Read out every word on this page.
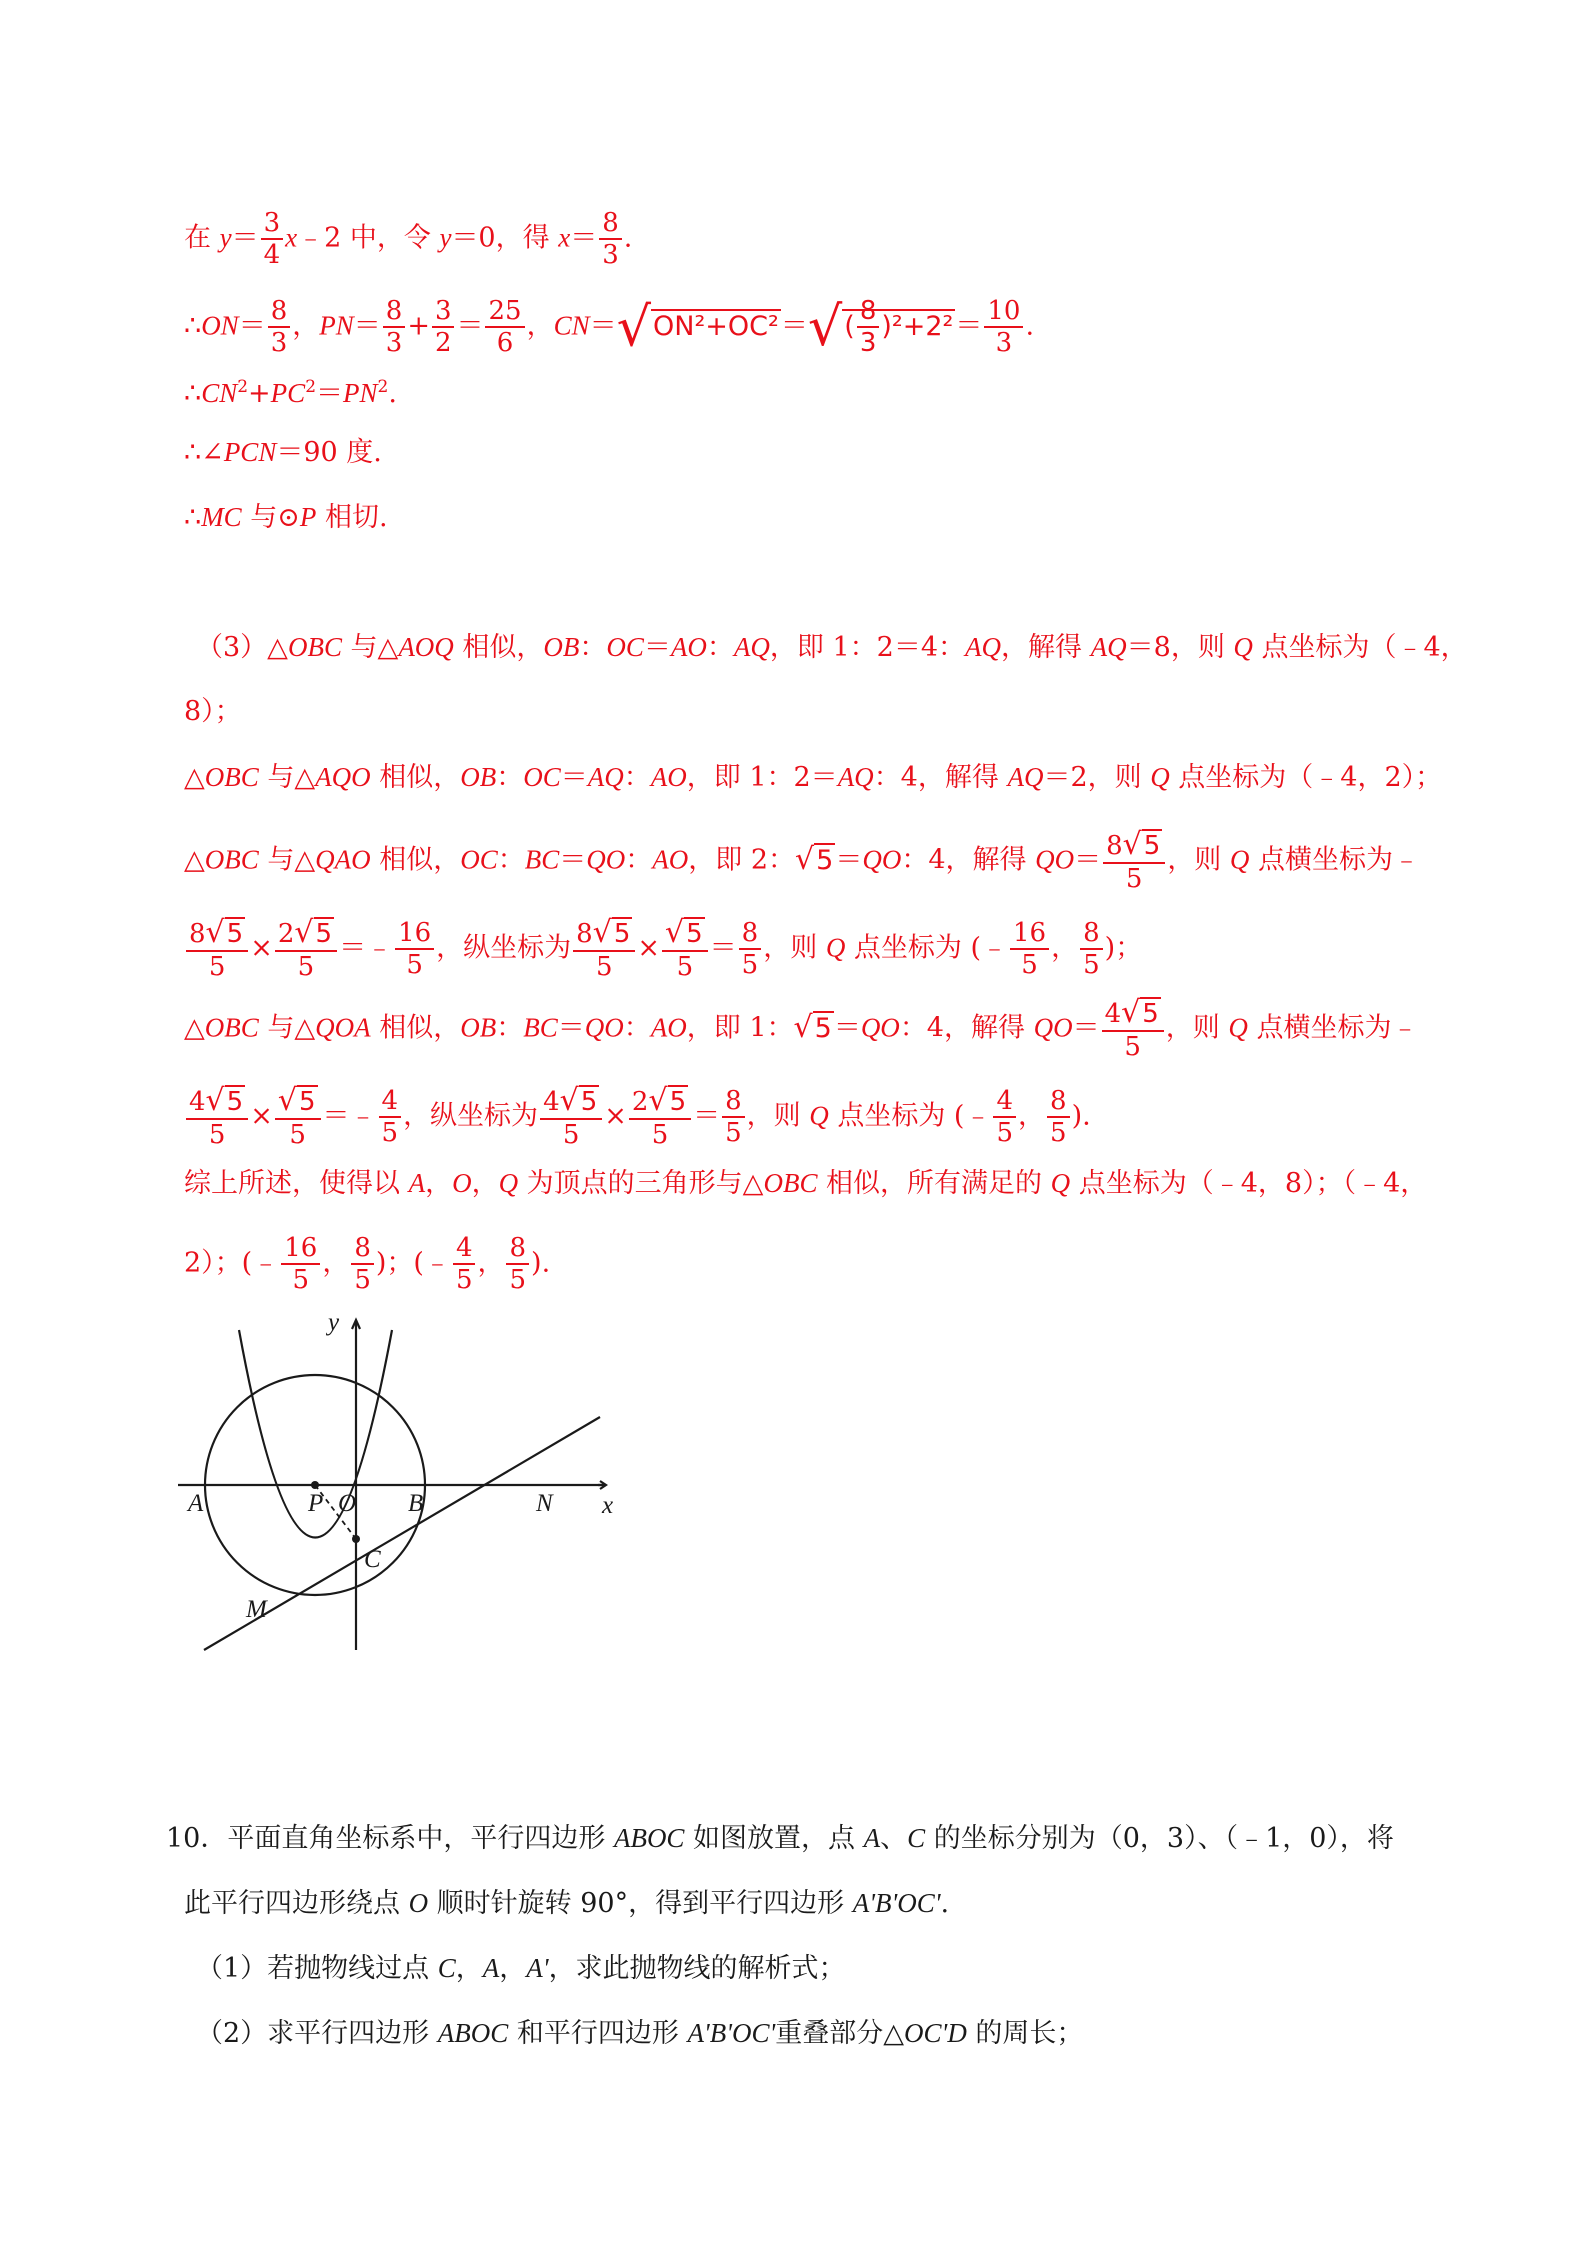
在 $y= \frac{3}{4}$ x﹣2 中，令 y＝0，得 $x= \frac{8}{3}$ .
∴ON＝ $\frac{8}{3}$ ，$PN= \frac{8}{3} + \frac{3}{2} = \frac{25}{6}$ ，$CN=√ON^2+OC^2=√( \frac{8}{3} )^2+2^2= \frac{10}{3}$ .
$\therefore CN^2+PC^2=PN^2$.
∴∠PCN＝90 度.
∴MC 与⊙P 相切.
（3）△OBC 与△AOQ 相似，OB：OC＝AO：AQ，即 1：2＝4：AQ，解得 AQ＝8，则 Q 点坐标为（﹣4，
8）；
△OBC 与△AQO 相似，OB：OC＝AQ：AO，即 1：2＝AQ：4，解得 AQ＝2，则 Q 点坐标为（﹣4，2）；
△OBC 与△QAO 相似，OC：BC＝QO：AO，即 2：√5＝QO：4，解得 $QO= \frac{8√5}{5}$ ，则 Q 点横坐标为﹣
$\frac{8√5}{5} \times \frac{2√5}{5}$ ＝﹣ $\frac{16}{5}$ ，纵坐标为 $\frac{8√5}{5} \times \frac{√5}{5} = \frac{8}{5}$ ，则 Q 点坐标为 (﹣ $\frac{16}{5}$ ， $\frac{8}{5}$ )；
△OBC 与△QOA 相似，OB：BC＝QO：AO，即 1：√5＝QO：4，解得 $QO= \frac{4√5}{5}$ ，则 Q 点横坐标为﹣
$\frac{4√5}{5} \times \frac{√5}{5}$ ＝﹣ $\frac{4}{5}$ ，纵坐标为 $\frac{4√5}{5} \times \frac{2√5}{5} = \frac{8}{5}$ ，则 Q 点坐标为 (﹣ $\frac{4}{5}$ ， $\frac{8}{5}$ ).
综上所述，使得以 A，O，Q 为顶点的三角形与△OBC 相似，所有满足的 Q 点坐标为（﹣4，8）；（﹣4，
2）；(﹣ $\frac{16}{5}$ ， $\frac{8}{5}$ )；(﹣ $\frac{4}{5}$ ， $\frac{8}{5}$ ).
y
x
A	P O B	N
C
M
10．平面直角坐标系中，平行四边形 ABOC 如图放置，点 A、C 的坐标分别为（0，3）、（﹣1，0），将
此平行四边形绕点 O 顺时针旋转 90°，得到平行四边形 A'B'OC'.
（1）若抛物线过点 C，A，A'，求此抛物线的解析式；
（2）求平行四边形 ABOC 和平行四边形 A'B'OC'重叠部分△OC'D 的周长；
